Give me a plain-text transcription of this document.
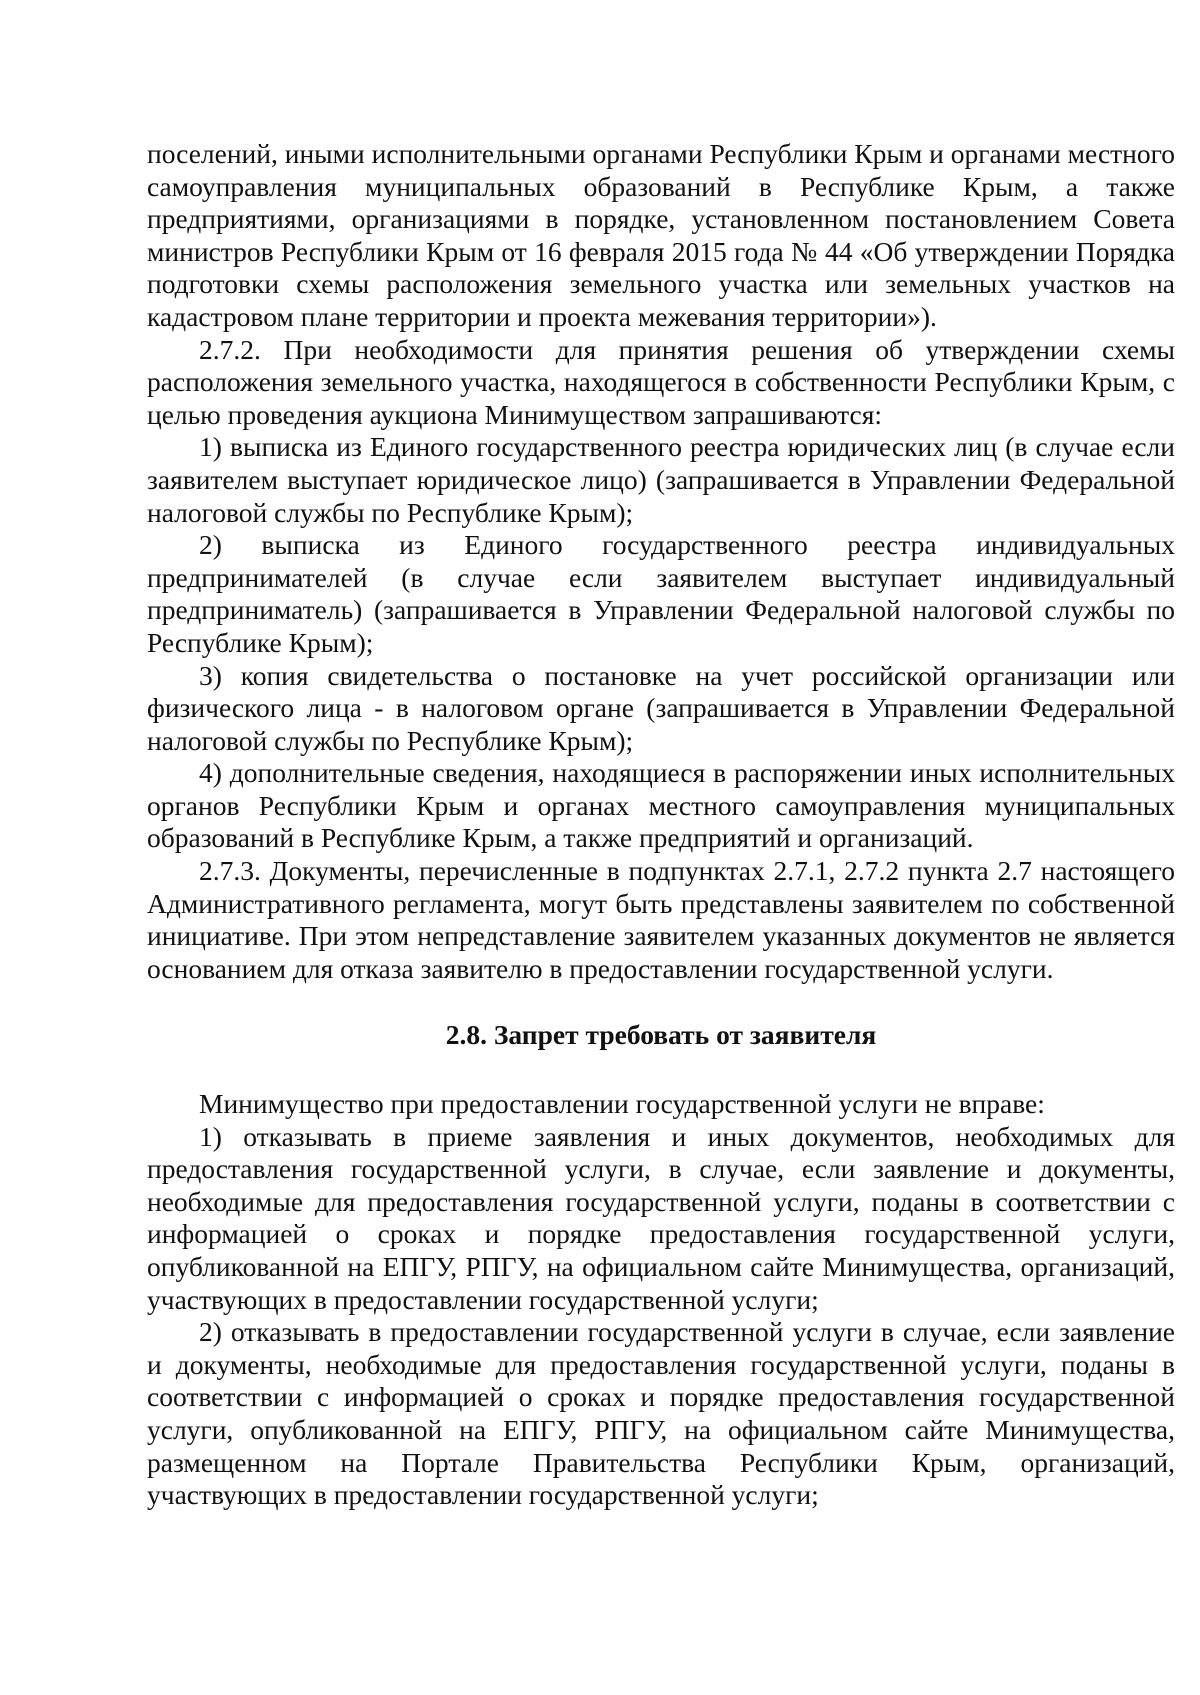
поселений, иными исполнительными органами Республики Крым и органами местного самоуправления муниципальных образований в Республике Крым, а также предприятиями, организациями в порядке, установленном постановлением Совета министров Республики Крым от 16 февраля 2015 года № 44 «Об утверждении Порядка подготовки схемы расположения земельного участка или земельных участков на кадастровом плане территории и проекта межевания территории»).

2.7.2. При необходимости для принятия решения об утверждении схемы расположения земельного участка, находящегося в собственности Республики Крым, с целью проведения аукциона Минимуществом запрашиваются:

1) выписка из Единого государственного реестра юридических лиц (в случае если заявителем выступает юридическое лицо) (запрашивается в Управлении Федеральной налоговой службы по Республике Крым);

2) выписка из Единого государственного реестра индивидуальных предпринимателей (в случае если заявителем выступает индивидуальный предприниматель) (запрашивается в Управлении Федеральной налоговой службы по Республике Крым);

3) копия свидетельства о постановке на учет российской организации или физического лица - в налоговом органе (запрашивается в Управлении Федеральной налоговой службы по Республике Крым);

4) дополнительные сведения, находящиеся в распоряжении иных исполнительных органов Республики Крым и органах местного самоуправления муниципальных образований в Республике Крым, а также предприятий и организаций.

2.7.3. Документы, перечисленные в подпунктах 2.7.1, 2.7.2 пункта 2.7 настоящего Административного регламента, могут быть представлены заявителем по собственной инициативе. При этом непредставление заявителем указанных документов не является основанием для отказа заявителю в предоставлении государственной услуги.

2.8. Запрет требовать от заявителя

Минимущество при предоставлении государственной услуги не вправе:

1) отказывать в приеме заявления и иных документов, необходимых для предоставления государственной услуги, в случае, если заявление и документы, необходимые для предоставления государственной услуги, поданы в соответствии с информацией о сроках и порядке предоставления государственной услуги, опубликованной на ЕПГУ, РПГУ, на официальном сайте Минимущества, организаций, участвующих в предоставлении государственной услуги;

2) отказывать в предоставлении государственной услуги в случае, если заявление и документы, необходимые для предоставления государственной услуги, поданы в соответствии с информацией о сроках и порядке предоставления государственной услуги, опубликованной на ЕПГУ, РПГУ, на официальном сайте Минимущества, размещенном на Портале Правительства Республики Крым, организаций, участвующих в предоставлении государственной услуги;
